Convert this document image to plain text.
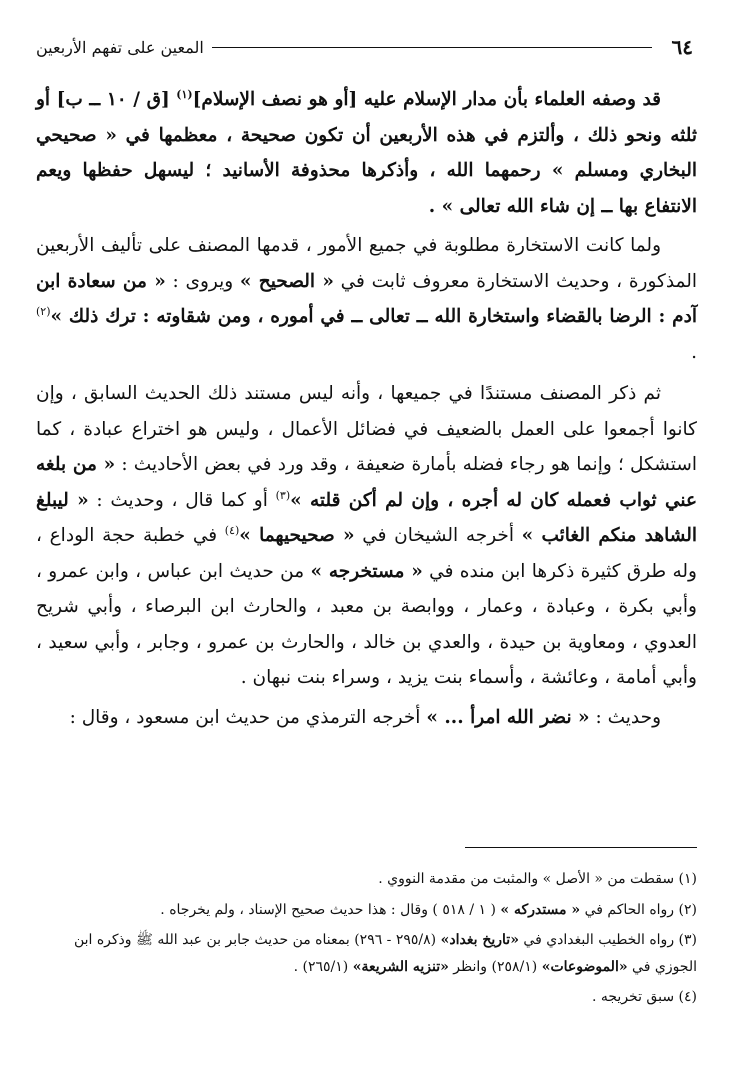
٦٤
المعين على تفهم الأربعين

قد وصفه العلماء بأن مدار الإسلام عليه [أو هو نصف الإسلام]$^{(١)}$ [ق / ١٠ ــ ب] أو ثلثه ونحو ذلك ، وألتزم في هذه الأربعين أن تكون صحيحة ، معظمها في « صحيحي البخاري ومسلم » رحمهما الله ، وأذكرها محذوفة الأسانيد ؛ ليسهل حفظها ويعم الانتفاع بها ــ إن شاء الله تعالى » .

ولما كانت الاستخارة مطلوبة في جميع الأمور ، قدمها المصنف على تأليف الأربعين المذكورة ، وحديث الاستخارة معروف ثابت في « الصحيح » ويروى : « من سعادة ابن آدم : الرضا بالقضاء واستخارة الله ــ تعالى ــ في أموره ، ومن شقاوته : ترك ذلك »$^{(٢)}$ .

ثم ذكر المصنف مستندًا في جميعها ، وأنه ليس مستند ذلك الحديث السابق ، وإن كانوا أجمعوا على العمل بالضعيف في فضائل الأعمال ، وليس هو اختراع عبادة ، كما استشكل ؛ وإنما هو رجاء فضله بأمارة ضعيفة ، وقد ورد في بعض الأحاديث : « من بلغه عني ثواب فعمله كان له أجره ، وإن لم أكن قلته »$^{(٣)}$ أو كما قال ، وحديث : « ليبلغ الشاهد منكم الغائب » أخرجه الشيخان في « صحيحيهما »$^{(٤)}$ في خطبة حجة الوداع ، وله طرق كثيرة ذكرها ابن منده في « مستخرجه » من حديث ابن عباس ، وابن عمرو ، وأبي بكرة ، وعبادة ، وعمار ، ووابصة بن معبد ، والحارث ابن البرصاء ، وأبي شريح العدوي ، ومعاوية بن حيدة ، والعدي بن خالد ، والحارث بن عمرو ، وجابر ، وأبي سعيد ، وأبي أمامة ، وعائشة ، وأسماء بنت يزيد ، وسراء بنت نبهان .

وحديث : « نضر الله امرأ ... » أخرجه الترمذي من حديث ابن مسعود ، وقال :

(١) سقطت من « الأصل » والمثبت من مقدمة النووي .

(٢) رواه الحاكم في « مستدركه » ( ١ / ٥١٨ ) وقال : هذا حديث صحيح الإسناد ، ولم يخرجاه .

(٣) رواه الخطيب البغدادي في «تاريخ بغداد» (٢٩٥/٨ - ٢٩٦) بمعناه من حديث جابر بن عبد الله ﷺ وذكره ابن الجوزي في «الموضوعات» (٢٥٨/١) وانظر «تنزيه الشريعة» (٢٦٥/١) .

(٤) سبق تخريجه .
